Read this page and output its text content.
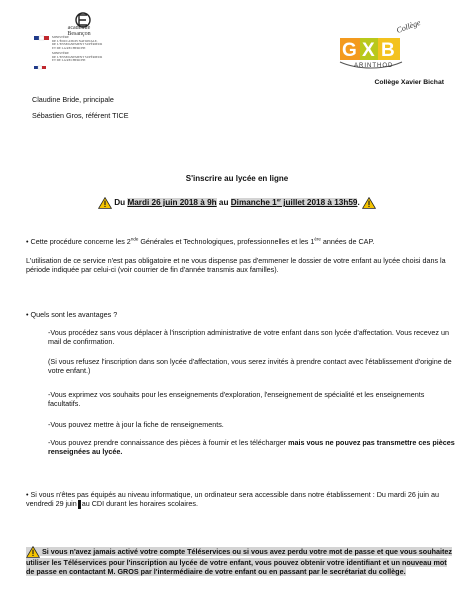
académie
Besançon
MINISTÈRE
DE L'ÉDUCATION NATIONALE,
DE L'ENSEIGNEMENT SUPÉRIEUR
ET DE LA RECHERCHE
MINISTÈRE
DE L'ENSEIGNEMENT SUPÉRIEUR
ET DE LA RECHERCHE	G X B
Collège
ARINTHOD
Collège Xavier Bichat
Claudine Bride, principale
Sébastien Gros, référent TICE
S'inscrire au lycée en ligne
Du Mardi 26 juin 2018 à 9h au Dimanche 1er juillet 2018 à 13h59.
• Cette procédure concerne les 2nde Générales et Technologiques, professionnelles et les 1ère années de CAP.
L'utilisation de ce service n'est pas obligatoire et ne vous dispense pas d'emmener le dossier de votre enfant au lycée choisi dans la période indiquée par celui-ci (voir courrier de fin d'année transmis aux familles).
• Quels sont les avantages ?
-Vous procédez sans vous déplacer à l'inscription administrative de votre enfant dans son lycée d'affectation. Vous recevez un mail de confirmation.
(Si vous refusez l'inscription dans son lycée d'affectation, vous serez invités à prendre contact avec l'établissement d'origine de votre enfant.)
-Vous exprimez vos souhaits pour les enseignements d'exploration, l'enseignement de spécialité et les enseignements facultatifs.
-Vous pouvez mettre à jour la fiche de renseignements.
-Vous pouvez prendre connaissance des pièces à fournir et les télécharger mais vous ne pouvez pas transmettre ces pièces renseignées au lycée.
• Si vous n'êtes pas équipés au niveau informatique, un ordinateur sera accessible dans notre établissement : Du mardi 26 juin au vendredi 29 juin au CDI durant les horaires scolaires.
Si vous n'avez jamais activé votre compte Téléservices ou si vous avez perdu votre mot de passe et que vous souhaitez utiliser les Téléservices pour l'inscription au lycée de votre enfant, vous pouvez obtenir votre identifiant et un nouveau mot de passe en contactant M. GROS par l'intermédiaire de votre enfant ou en passant par le secrétariat du collège.
